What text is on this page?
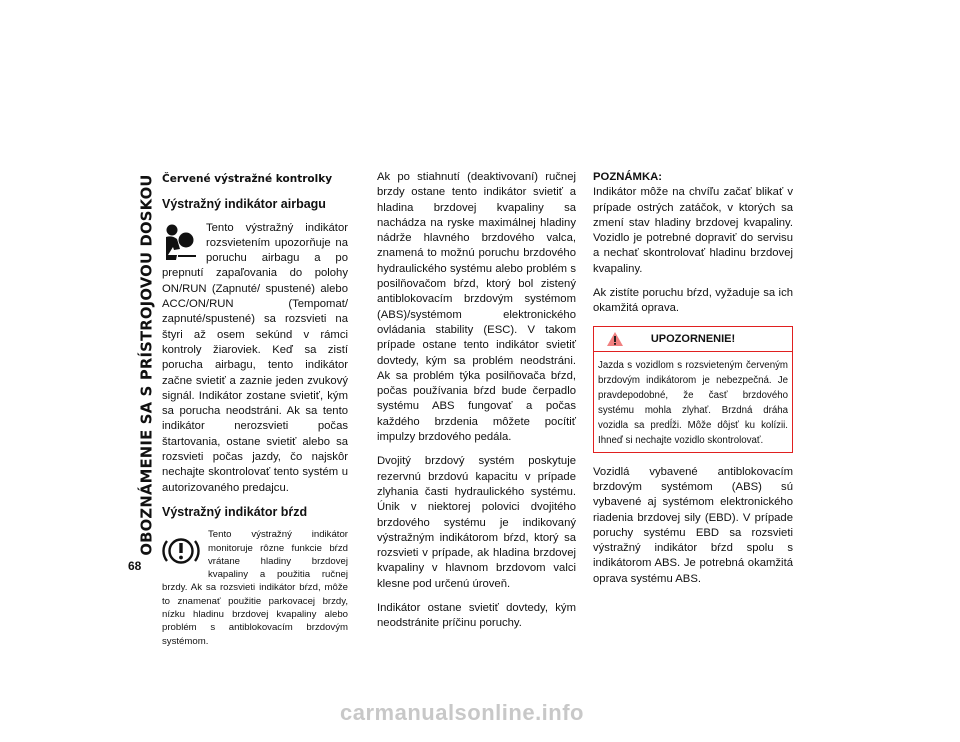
OBOZNÁMENIE SA S PRÍSTROJOVOU DOSKOU
68
Červené výstražné kontrolky
Výstražný indikátor airbagu

Tento výstražný indikátor rozsvietením upozorňuje na poruchu airbagu a po prepnutí zapaľovania do polohy ON/RUN (Zapnuté/ spustené) alebo ACC/ON/RUN (Tempomat/ zapnuté/spustené) sa rozsvieti na štyri až osem sekúnd v rámci kontroly žiaroviek. Keď sa zistí porucha airbagu, tento indikátor začne svietiť a zaznie jeden zvukový signál. Indikátor zostane svietiť, kým sa porucha neodstráni. Ak sa tento indikátor nerozsvieti počas štartovania, ostane svietiť alebo sa rozsvieti počas jazdy, čo najskôr nechajte skontrolovať tento systém u autorizovaného predajcu.

Výstražný indikátor bŕzd

Tento výstražný indikátor monitoruje rôzne funkcie bŕzd vrátane hladiny brzdovej kvapaliny a použitia ručnej brzdy. Ak sa rozsvieti indikátor bŕzd, môže to znamenať použitie parkovacej brzdy, nízku hladinu brzdovej kvapaliny alebo problém s antiblokovacím brzdovým systémom.

Ak po stiahnutí (deaktivovaní) ručnej brzdy ostane tento indikátor svietiť a hladina brzdovej kvapaliny sa nachádza na ryske maximálnej hladiny nádrže hlavného brzdového valca, znamená to možnú poruchu brzdového hydraulického systému alebo problém s posilňovačom bŕzd, ktorý bol zistený antiblokovacím brzdovým systémom (ABS)/systémom elektronického ovládania stability (ESC). V takom prípade ostane tento indikátor svietiť dovtedy, kým sa problém neodstráni. Ak sa problém týka posilňovača bŕzd, počas používania bŕzd bude čerpadlo systému ABS fungovať a počas každého brzdenia môžete pocítiť impulzy brzdového pedála.

Dvojitý brzdový systém poskytuje rezervnú brzdovú kapacitu v prípade zlyhania časti hydraulického systému. Únik v niektorej polovici dvojitého brzdového systému je indikovaný výstražným indikátorom bŕzd, ktorý sa rozsvieti v prípade, ak hladina brzdovej kvapaliny v hlavnom brzdovom valci klesne pod určenú úroveň.

Indikátor ostane svietiť dovtedy, kým neodstránite príčinu poruchy.

POZNÁMKA:

Indikátor môže na chvíľu začať blikať v prípade ostrých zatáčok, v ktorých sa zmení stav hladiny brzdovej kvapaliny. Vozidlo je potrebné dopraviť do servisu a nechať skontrolovať hladinu brzdovej kvapaliny.

Ak zistíte poruchu bŕzd, vyžaduje sa ich okamžitá oprava.

UPOZORNENIE!
Jazda s vozidlom s rozsvieteným červeným brzdovým indikátorom je nebezpečná. Je pravdepodobné, že časť brzdového systému mohla zlyhať. Brzdná dráha vozidla sa predĺži. Môže dôjsť ku kolízii. Ihneď si nechajte vozidlo skontrolovať.

Vozidlá vybavené antiblokovacím brzdovým systémom (ABS) sú vybavené aj systémom elektronického riadenia brzdovej sily (EBD). V prípade poruchy systému EBD sa rozsvieti výstražný indikátor bŕzd spolu s indikátorom ABS. Je potrebná okamžitá oprava systému ABS.

carmanualsonline.info
